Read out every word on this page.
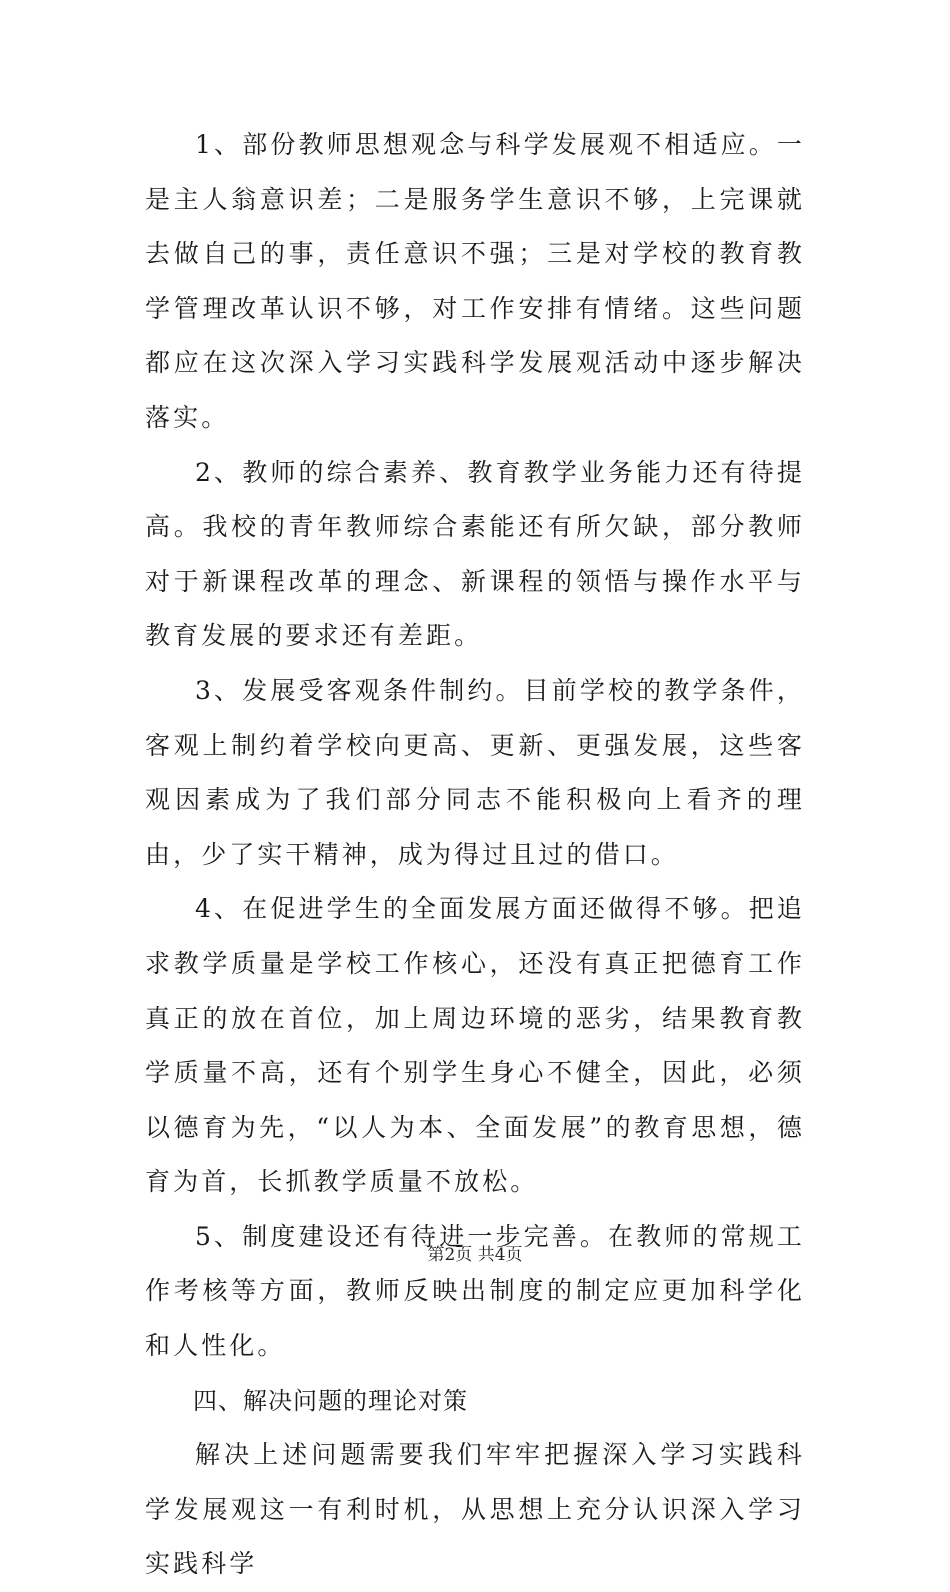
1、部份教师思想观念与科学发展观不相适应。一是主人翁意识差；二是服务学生意识不够，上完课就去做自己的事，责任意识不强；三是对学校的教育教学管理改革认识不够，对工作安排有情绪。这些问题都应在这次深入学习实践科学发展观活动中逐步解决落实。

2、教师的综合素养、教育教学业务能力还有待提高。我校的青年教师综合素能还有所欠缺，部分教师对于新课程改革的理念、新课程的领悟与操作水平与教育发展的要求还有差距。

3、发展受客观条件制约。目前学校的教学条件，客观上制约着学校向更高、更新、更强发展，这些客观因素成为了我们部分同志不能积极向上看齐的理由，少了实干精神，成为得过且过的借口。

4、在促进学生的全面发展方面还做得不够。把追求教学质量是学校工作核心，还没有真正把德育工作真正的放在首位，加上周边环境的恶劣，结果教育教学质量不高，还有个别学生身心不健全，因此，必须以德育为先，“以人为本、全面发展”的教育思想，德育为首，长抓教学质量不放松。

5、制度建设还有待进一步完善。在教师的常规工作考核等方面，教师反映出制度的制定应更加科学化和人性化。

四、解决问题的理论对策

解决上述问题需要我们牢牢把握深入学习实践科学发展观这一有利时机，从思想上充分认识深入学习实践科学

第2页 共4页
